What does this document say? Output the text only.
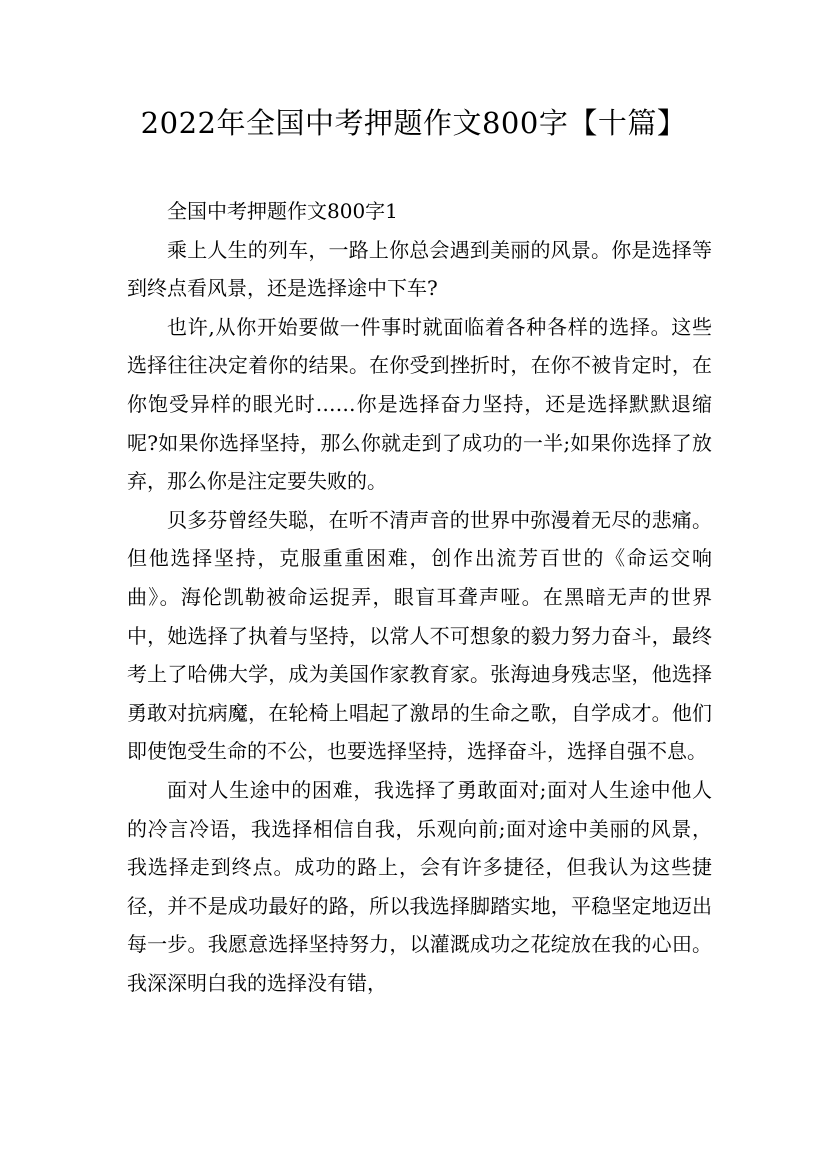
2022年全国中考押题作文800字【十篇】

全国中考押题作文800字1

乘上人生的列车，一路上你总会遇到美丽的风景。你是选择等到终点看风景，还是选择途中下车?

也许,从你开始要做一件事时就面临着各种各样的选择。这些选择往往决定着你的结果。在你受到挫折时，在你不被肯定时，在你饱受异样的眼光时……你是选择奋力坚持，还是选择默默退缩呢?如果你选择坚持，那么你就走到了成功的一半;如果你选择了放弃，那么你是注定要失败的。

贝多芬曾经失聪，在听不清声音的世界中弥漫着无尽的悲痛。但他选择坚持，克服重重困难，创作出流芳百世的《命运交响曲》。海伦凯勒被命运捉弄，眼盲耳聋声哑。在黑暗无声的世界中，她选择了执着与坚持，以常人不可想象的毅力努力奋斗，最终考上了哈佛大学，成为美国作家教育家。张海迪身残志坚，他选择勇敢对抗病魔，在轮椅上唱起了激昂的生命之歌，自学成才。他们即使饱受生命的不公，也要选择坚持，选择奋斗，选择自强不息。

面对人生途中的困难，我选择了勇敢面对;面对人生途中他人的冷言冷语，我选择相信自我，乐观向前;面对途中美丽的风景，我选择走到终点。成功的路上，会有许多捷径，但我认为这些捷径，并不是成功最好的路，所以我选择脚踏实地，平稳坚定地迈出每一步。我愿意选择坚持努力，以灌溉成功之花绽放在我的心田。我深深明白我的选择没有错，
